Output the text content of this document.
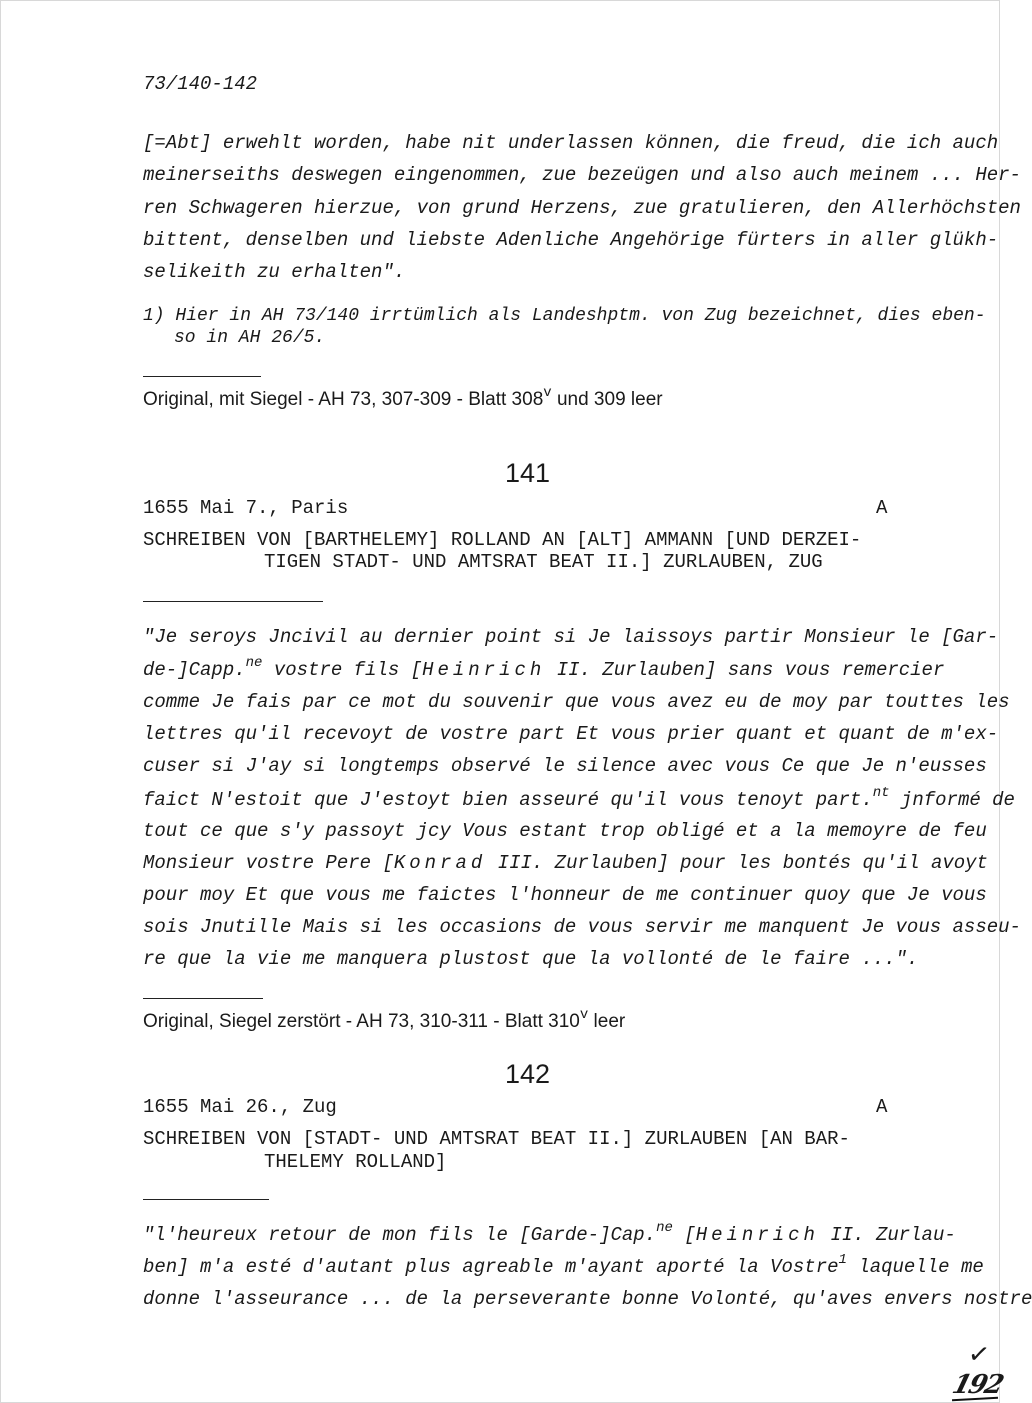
73/140-142
[=Abt] erwehlt worden, habe nit underlassen können, die freud, die ich auch
meinerseiths deswegen eingenommen, zue bezeügen und also auch meinem ... Her-
ren Schwageren hierzue, von grund Herzens, zue gratulieren, den Allerhöchsten
bittent, denselben und liebste Adenliche Angehörige fürters in aller glükh-
selikeith zu erhalten".
1) Hier in AH 73/140 irrtümlich als Landeshptm. von Zug bezeichnet, dies eben-
so in AH 26/5.
Original, mit Siegel - AH 73, 307-309 - Blatt 308$^v$ und 309 leer
141
1655 Mai 7., Paris	A
SCHREIBEN VON [BARTHELEMY] ROLLAND AN [ALT] AMMANN [UND DERZEI-
TIGEN STADT- UND AMTSRAT BEAT II.] ZURLAUBEN, ZUG
"Je seroys Jncivil au dernier point si Je laissoys partir Monsieur le [Gar-
de-]Capp.$^{ne}$ vostre fils [Heinrich II. Zurlauben] sans vous remercier
comme Je fais par ce mot du souvenir que vous avez eu de moy par touttes les
lettres qu'il recevoyt de vostre part Et vous prier quant et quant de m'ex-
cuser si J'ay si longtemps observé le silence avec vous Ce que Je n'eusses
faict N'estoit que J'estoyt bien asseuré qu'il vous tenoyt part.$^{nt}$ jnformé de
tout ce que s'y passoyt jcy Vous estant trop obligé et a la memoyre de feu
Monsieur vostre Pere [Konrad III. Zurlauben] pour les bontés qu'il avoyt
pour moy Et que vous me faictes l'honneur de me continuer quoy que Je vous
sois Jnutille Mais si les occasions de vous servir me manquent Je vous asseu-
re que la vie me manquera plustost que la vollonté de le faire ...".
Original, Siegel zerstört - AH 73, 310-311 - Blatt 310$^v$ leer
142
1655 Mai 26., Zug	A
SCHREIBEN VON [STADT- UND AMTSRAT BEAT II.] ZURLAUBEN [AN BAR-
THELEMY ROLLAND]
"l'heureux retour de mon fils le [Garde-]Cap.$^{ne}$ [Heinrich II. Zurlau-
ben] m'a esté d'autant plus agreable m'ayant aporté la Vostre$^1$ laquelle me
donne l'asseurance ... de la perseverante bonne Volonté, qu'aves envers nostre
✓
192
